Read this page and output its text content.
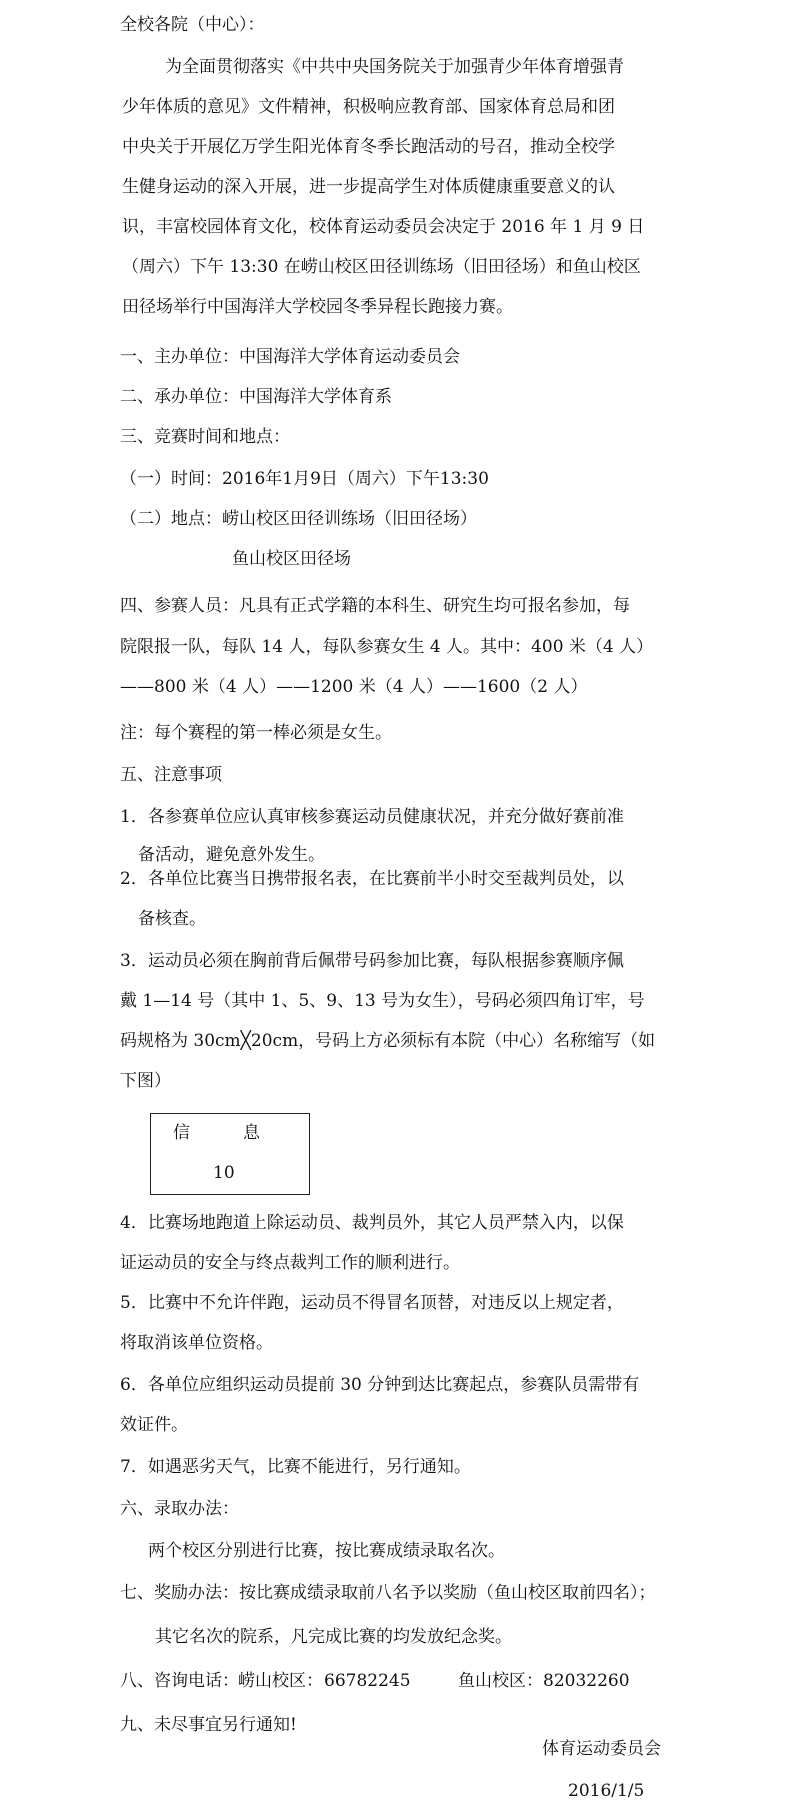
全校各院（中心）：
为全面贯彻落实《中共中央国务院关于加强青少年体育增强青
少年体质的意见》文件精神，积极响应教育部、国家体育总局和团
中央关于开展亿万学生阳光体育冬季长跑活动的号召，推动全校学
生健身运动的深入开展，进一步提高学生对体质健康重要意义的认
识，丰富校园体育文化，校体育运动委员会决定于 2016 年 1 月 9 日
（周六）下午 13:30 在崂山校区田径训练场（旧田径场）和鱼山校区
田径场举行中国海洋大学校园冬季异程长跑接力赛。
一、主办单位：中国海洋大学体育运动委员会
二、承办单位：中国海洋大学体育系
三、竞赛时间和地点：
（一）时间：2016年1月9日（周六）下午13:30
（二）地点：崂山校区田径训练场（旧田径场）
鱼山校区田径场
四、参赛人员：凡具有正式学籍的本科生、研究生均可报名参加，每
院限报一队，每队 14 人，每队参赛女生 4 人。其中：400 米（4 人）
——800 米（4 人）——1200 米（4 人）——1600（2 人）
注：每个赛程的第一棒必须是女生。
五、注意事项
1．各参赛单位应认真审核参赛运动员健康状况，并充分做好赛前准
备活动，避免意外发生。
2．各单位比赛当日携带报名表，在比赛前半小时交至裁判员处，以
备核查。
3．运动员必须在胸前背后佩带号码参加比赛，每队根据参赛顺序佩
戴 1—14 号（其中 1、5、9、13 号为女生），号码必须四角订牢，号
码规格为 30cm╳20cm，号码上方必须标有本院（中心）名称缩写（如
下图）
信	息
10
4．比赛场地跑道上除运动员、裁判员外，其它人员严禁入内，以保
证运动员的安全与终点裁判工作的顺利进行。
5．比赛中不允许伴跑，运动员不得冒名顶替，对违反以上规定者，
将取消该单位资格。
6．各单位应组织运动员提前 30 分钟到达比赛起点，参赛队员需带有
效证件。
7．如遇恶劣天气，比赛不能进行，另行通知。
六、录取办法：
两个校区分别进行比赛，按比赛成绩录取名次。
七、奖励办法：按比赛成绩录取前八名予以奖励（鱼山校区取前四名）；
其它名次的院系，凡完成比赛的均发放纪念奖。
八、咨询电话： 崂山校区： 66782245	鱼山校区： 82032260
九、未尽事宜另行通知!
体育运动委员会
2016/1/5
